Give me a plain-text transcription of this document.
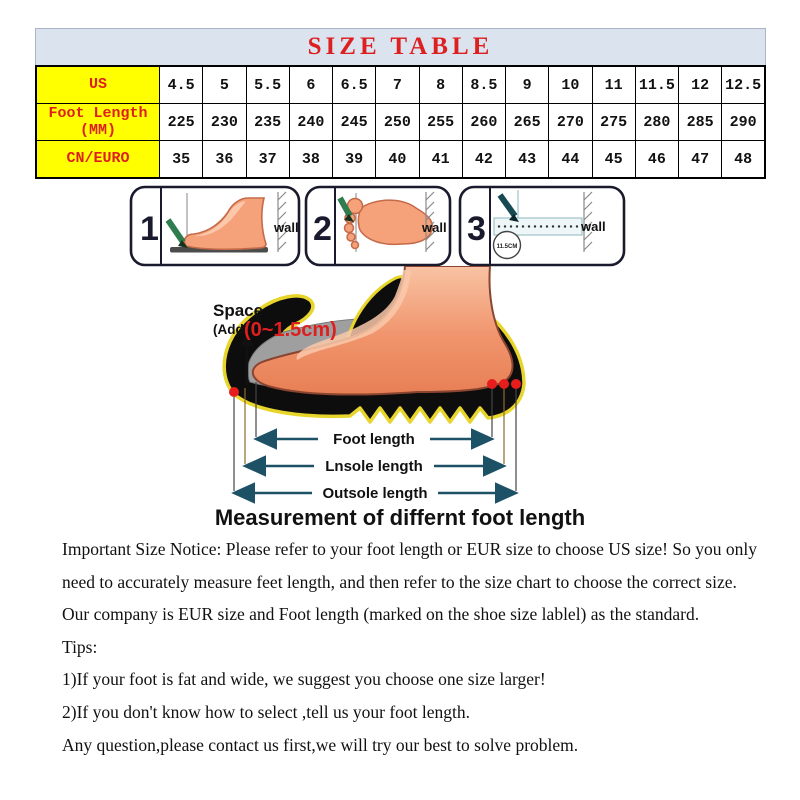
SIZE TABLE
US	4.5	5	5.5	6	6.5	7	8	8.5	9	10	11	11.5	12	12.5

Foot Length
(MM)	225	230	235	240	245	250	255	260	265	270	275	280	285	290

CN/EURO	35	36	37	38	39	40	41	42	43	44	45	46	47	48
1	wall 2	wall 3 11.5CM
wall
Space
(Add (0~1.5cm)
Foot length
Lnsole length
Outsole length
Measurement of differnt foot length

Important Size Notice: Please refer to your foot length or EUR size to choose US size! So you only

need to accurately measure feet length, and then refer to the size chart to choose the correct size.

Our company is EUR size and Foot length (marked on the shoe size lablel) as the standard.

Tips:

1)If your foot is fat and wide, we suggest you choose one size larger!

2)If you don't know how to select ,tell us your foot length.

Any question,please contact us first,we will try our best to solve problem.
